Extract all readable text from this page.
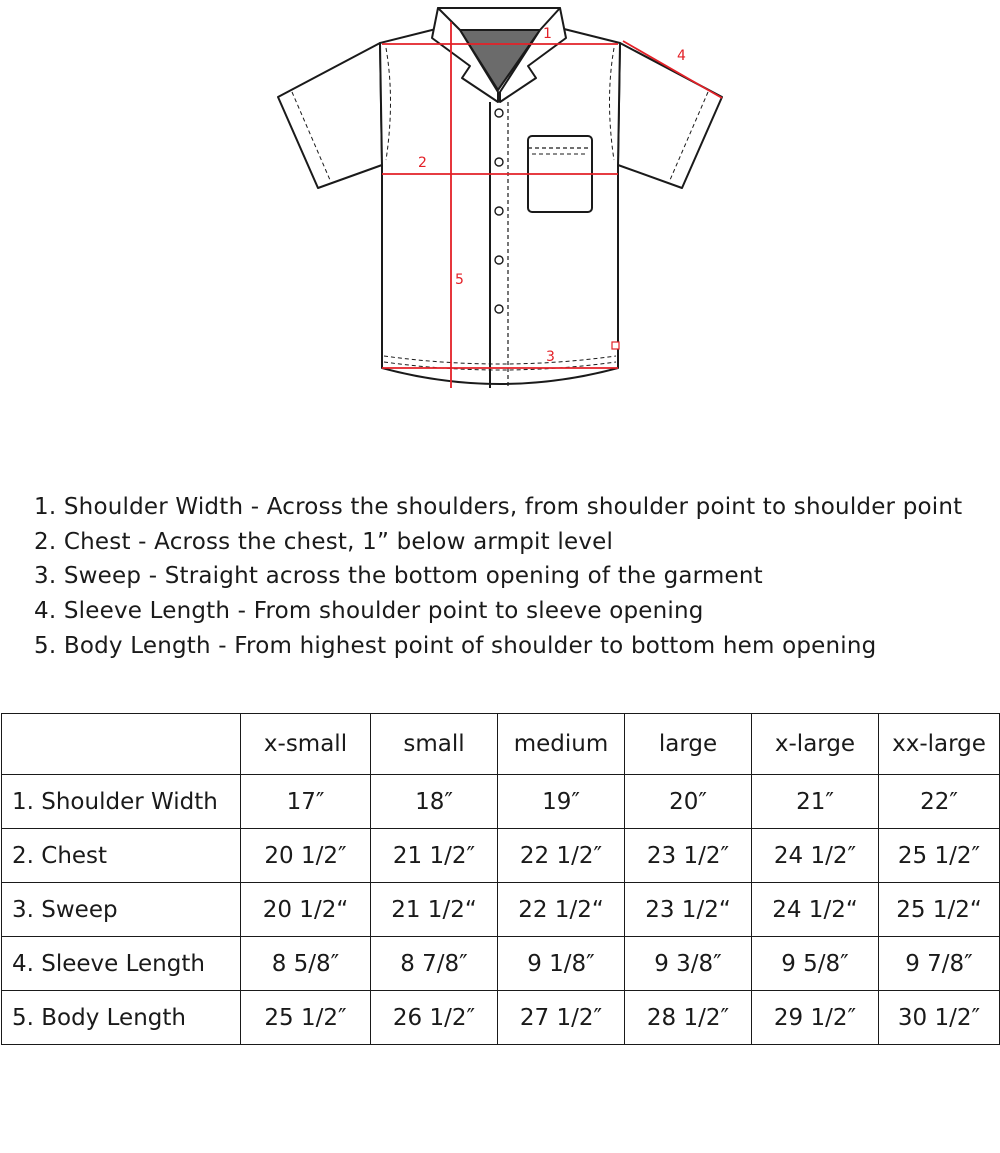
1
2
3
4
5
1. Shoulder Width - Across the shoulders, from shoulder point to shoulder point
2. Chest - Across the chest, 1” below armpit level
3. Sweep - Straight across the bottom opening of the garment
4. Sleeve Length - From shoulder point to sleeve opening
5. Body Length - From highest point of shoulder to bottom hem opening
	x-small	small	medium	large	x-large	xx-large
1. Shoulder Width	17″	18″	19″	20″	21″	22″
2. Chest	20 1/2″	21 1/2″	22 1/2″	23 1/2″	24 1/2″	25 1/2″
3. Sweep	20 1/2“	21 1/2“	22 1/2“	23 1/2“	24 1/2“	25 1/2“
4. Sleeve Length	8 5/8″	8 7/8″	9 1/8″	9 3/8″	9 5/8″	9 7/8″
5. Body Length	25 1/2″	26 1/2″	27 1/2″	28 1/2″	29 1/2″	30 1/2″
